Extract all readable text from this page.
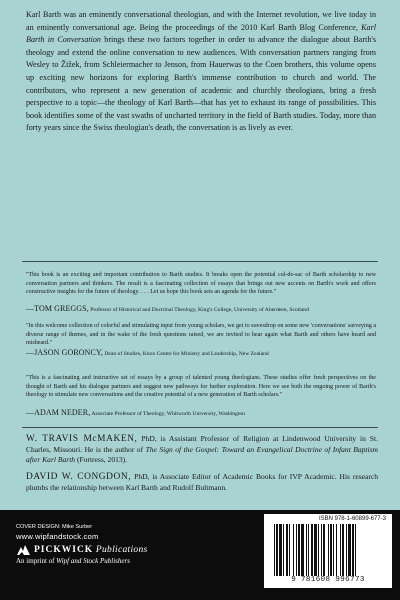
Karl Barth was an eminently conversational theologian, and with the Internet revolution, we live today in an eminently conversational age. Being the proceedings of the 2010 Karl Barth Blog Conference, Karl Barth in Conversation brings these two factors together in order to advance the dialogue about Barth's theology and extend the online conversation to new audiences. With conversation partners ranging from Wesley to Žižek, from Schleiermacher to Jenson, from Hauerwas to the Coen brothers, this volume opens up exciting new horizons for exploring Barth's immense contribution to church and world. The contributors, who represent a new generation of academic and churchly theologians, bring a fresh perspective to a topic—the theology of Karl Barth—that has yet to exhaust its range of possibilities. This book identifies some of the vast swaths of uncharted territory in the field of Barth studies. Today, more than forty years since the Swiss theologian's death, the conversation is as lively as ever.

"This book is an exciting and important contribution to Barth studies. It breaks open the potential cul-de-sac of Barth scholarship to new conversation partners and thinkers. The result is a fascinating collection of essays that brings out new accents on Barth's work and offers constructive insights for the future of theology. . . . Let us hope this book sets an agenda for the future."

—TOM GREGGS, Professor of Historical and Doctrinal Theology, King's College, University of Aberdeen, Scotland

"In this welcome collection of colorful and stimulating input from young scholars, we get to eavesdrop on some new 'conversations' surveying a diverse range of themes, and in the wake of the fresh questions raised, we are invited to hear again what Barth and others have heard and misheard."

—JASON GORONCY, Dean of Studies, Knox Centre for Ministry and Leadership, New Zealand

"This is a fascinating and instructive set of essays by a group of talented young theologians. These studies offer fresh perspectives on the thought of Barth and his dialogue partners and suggest new pathways for further exploration. Here we see both the ongoing power of Barth's theology to stimulate new conversations and the creative potential of a new generation of Barth scholars."

—ADAM NEDER, Associate Professor of Theology, Whitworth University, Washington

W. TRAVIS McMAKEN, PhD, is Assistant Professor of Religion at Lindenwood University in St. Charles, Missouri. He is the author of The Sign of the Gospel: Toward an Evangelical Doctrine of Infant Baptism after Karl Barth (Fortress, 2013).

DAVID W. CONGDON, PhD, is Associate Editor of Academic Books for IVP Academic. His research plumbs the relationship between Karl Barth and Rudolf Bultmann.

COVER DESIGN: Mike Surber

www.wipfandstock.com

PICKWICK Publications

An imprint of Wipf and Stock Publishers

ISBN 978-1-60899-677-3
9 781608 996773
